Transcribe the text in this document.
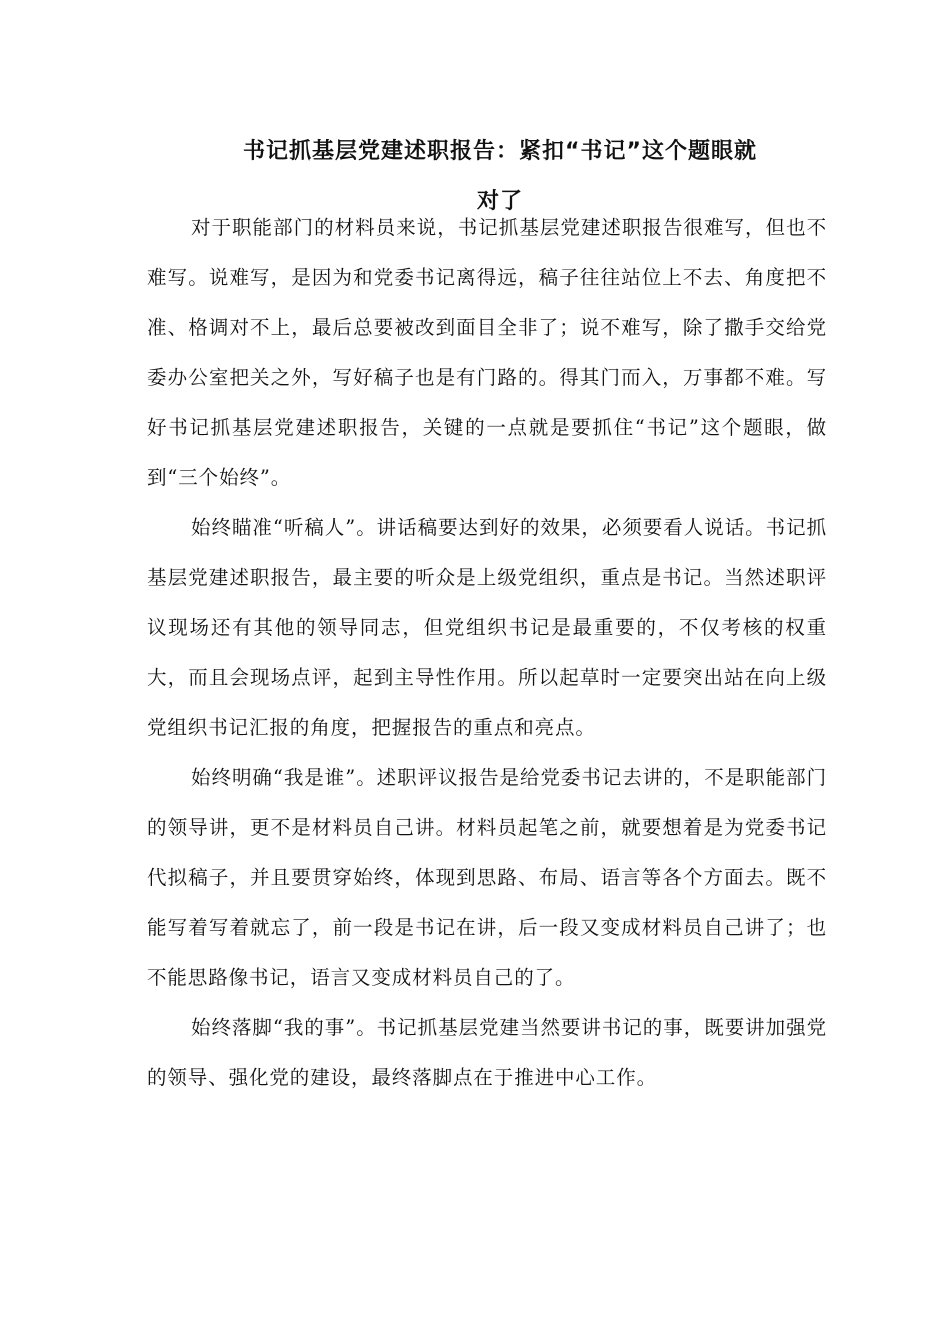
书记抓基层党建述职报告：紧扣“书记”这个题眼就
对了

对于职能部门的材料员来说，书记抓基层党建述职报告很难写，但也不难写。说难写，是因为和党委书记离得远，稿子往往站位上不去、角度把不准、格调对不上，最后总要被改到面目全非了；说不难写，除了撒手交给党委办公室把关之外，写好稿子也是有门路的。得其门而入，万事都不难。写好书记抓基层党建述职报告，关键的一点就是要抓住“书记”这个题眼，做到“三个始终”。

始终瞄准“听稿人”。讲话稿要达到好的效果，必须要看人说话。书记抓基层党建述职报告，最主要的听众是上级党组织，重点是书记。当然述职评议现场还有其他的领导同志，但党组织书记是最重要的，不仅考核的权重大，而且会现场点评，起到主导性作用。所以起草时一定要突出站在向上级党组织书记汇报的角度，把握报告的重点和亮点。

始终明确“我是谁”。述职评议报告是给党委书记去讲的，不是职能部门的领导讲，更不是材料员自己讲。材料员起笔之前，就要想着是为党委书记代拟稿子，并且要贯穿始终，体现到思路、布局、语言等各个方面去。既不能写着写着就忘了，前一段是书记在讲，后一段又变成材料员自己讲了；也不能思路像书记，语言又变成材料员自己的了。

始终落脚“我的事”。书记抓基层党建当然要讲书记的事，既要讲加强党的领导、强化党的建设，最终落脚点在于推进中心工作。
